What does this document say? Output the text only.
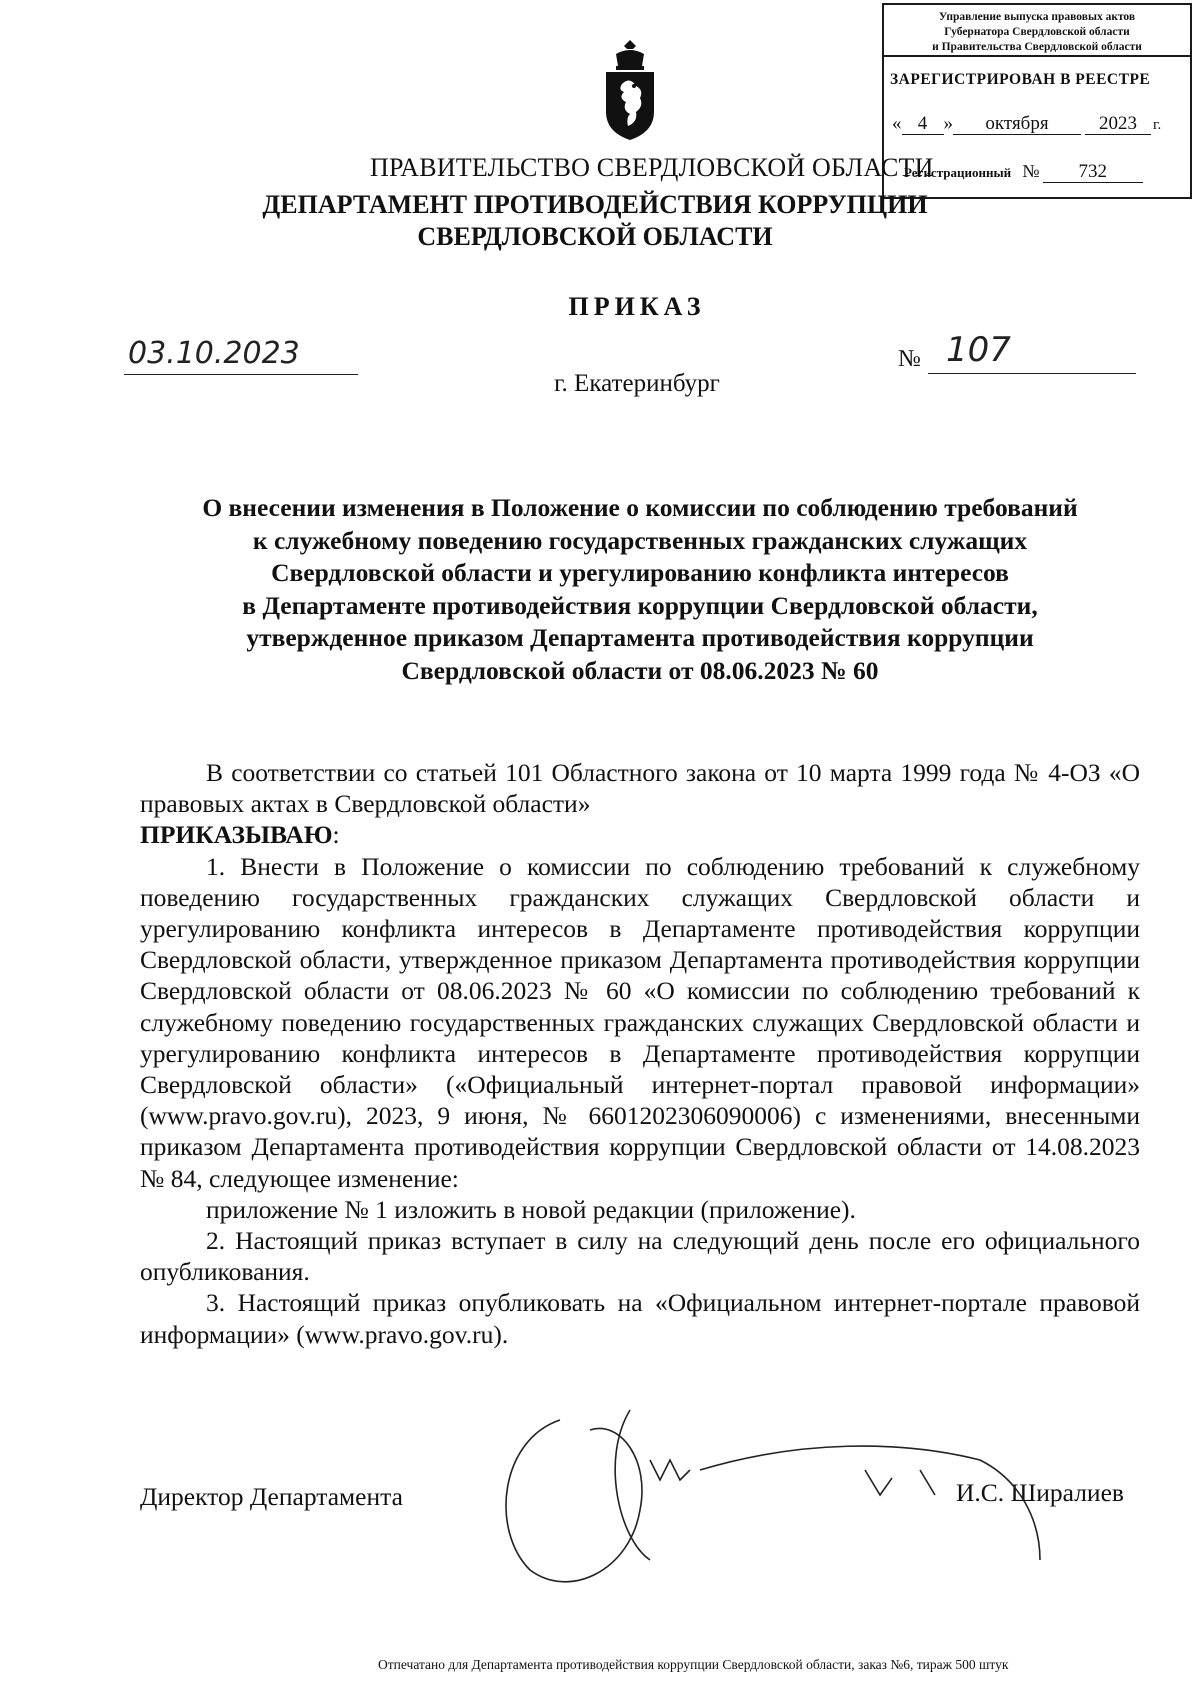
Управление выпуска правовых актов
Губернатора Свердловской области
и Правительства Свердловской области
ЗАРЕГИСТРИРОВАН В РЕЕСТРЕ
« 4 » октября	2023 г.
Регистрационный № 732
ПРАВИТЕЛЬСТВО СВЕРДЛОВСКОЙ ОБЛАСТИ
ДЕПАРТАМЕНТ ПРОТИВОДЕЙСТВИЯ КОРРУПЦИИ
СВЕРДЛОВСКОЙ ОБЛАСТИ
ПРИКАЗ
03.10.2023	№ 107
г. Екатеринбург
О внесении изменения в Положение о комиссии по соблюдению требований
к служебному поведению государственных гражданских служащих
Свердловской области и урегулированию конфликта интересов
в Департаменте противодействия коррупции Свердловской области,
утвержденное приказом Департамента противодействия коррупции
Свердловской области от 08.06.2023 № 60

В соответствии со статьей 101 Областного закона от 10 марта 1999 года № 4-ОЗ «О правовых актах в Свердловской области»

ПРИКАЗЫВАЮ:

1. Внести в Положение о комиссии по соблюдению требований к служебному поведению государственных гражданских служащих Свердловской области и урегулированию конфликта интересов в Департаменте противодействия коррупции Свердловской области, утвержденное приказом Департамента противодействия коррупции Свердловской области от 08.06.2023 № 60 «О комиссии по соблюдению требований к служебному поведению государственных гражданских служащих Свердловской области и урегулированию конфликта интересов в Департаменте противодействия коррупции Свердловской области» («Официальный интернет-портал правовой информации» (www.pravo.gov.ru), 2023, 9 июня, № 6601202306090006) с изменениями, внесенными приказом Департамента противодействия коррупции Свердловской области от 14.08.2023 № 84, следующее изменение:

приложение № 1 изложить в новой редакции (приложение).

2. Настоящий приказ вступает в силу на следующий день после его официального опубликования.

3. Настоящий приказ опубликовать на «Официальном интернет-портале правовой информации» (www.pravo.gov.ru).

Директор Департамента	И.С. Ширалиев
Отпечатано для Департамента противодействия коррупции Свердловской области, заказ №6, тираж 500 штук
